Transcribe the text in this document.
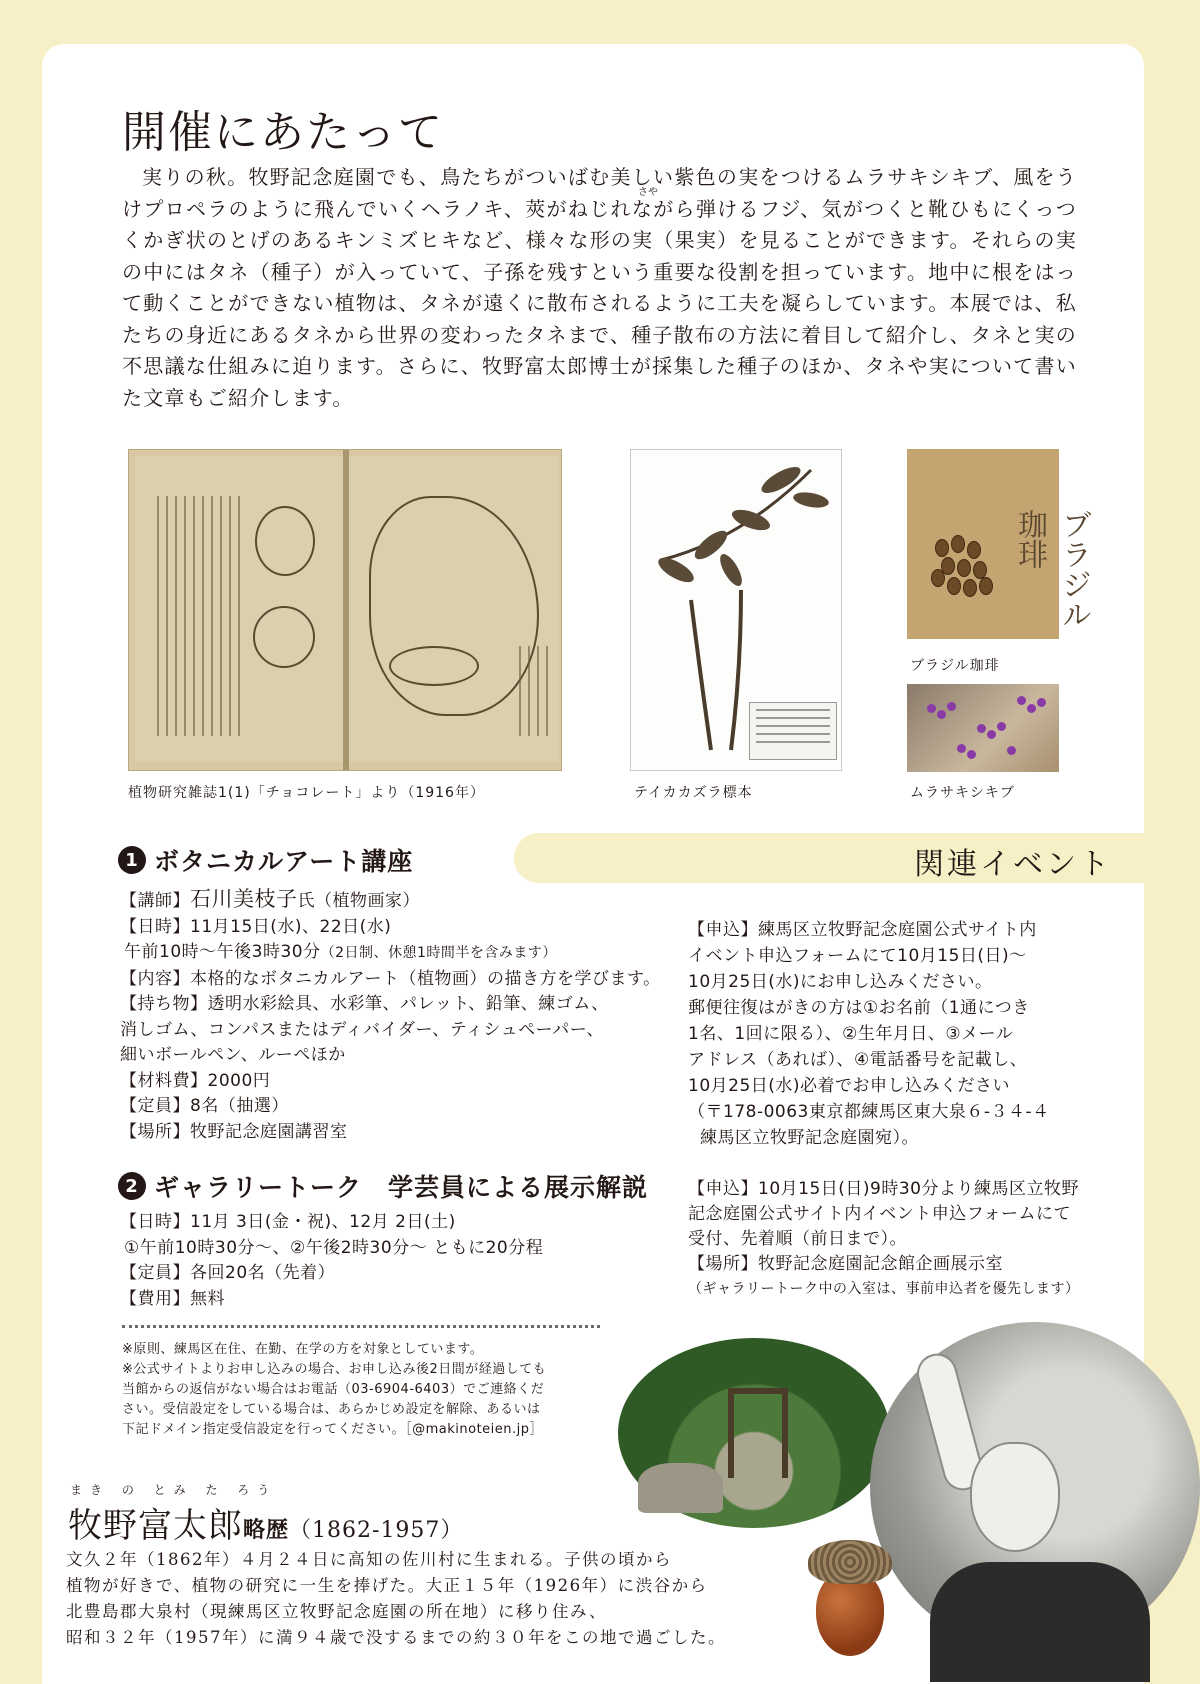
開催にあたって

実りの秋。牧野記念庭園でも、鳥たちがついばむ美しい紫色の実をつけるムラサキシキブ、風をうけプロペラのように飛んでいくヘラノキ、莢がねじれながら弾けるフジ、気がつくと靴ひもにくっつくかぎ状のとげのあるキンミズヒキなど、様々な形の実（果実）を見ることができます。それらの実の中にはタネ（種子）が入っていて、子孫を残すという重要な役割を担っています。地中に根をはって動くことができない植物は、タネが遠くに散布されるように工夫を凝らしています。本展では、私たちの身近にあるタネから世界の変わったタネまで、種子散布の方法に着目して紹介し、タネと実の不思議な仕組みに迫ります。さらに、牧野富太郎博士が採集した種子のほか、タネや実について書いた文章もご紹介します。

さや
植物研究雑誌1(1)「チョコレート」より（1916年）	テイカカズラ標本
ブラジル珈琲
ブラジル珈琲
ムラサキシキブ
関連イベント
1 ボタニカルアート講座
【講師】石川美枝子氏（植物画家）
【日時】11月15日(水)、22日(水)
午前10時～午後3時30分（2日制、休憩1時間半を含みます）
【内容】本格的なボタニカルアート（植物画）の描き方を学びます。
【持ち物】透明水彩絵具、水彩筆、パレット、鉛筆、練ゴム、
消しゴム、コンパスまたはディバイダー、ティシュペーパー、
細いボールペン、ルーペほか
【材料費】2000円
【定員】8名（抽選）
【場所】牧野記念庭園講習室
【申込】練馬区立牧野記念庭園公式サイト内
イベント申込フォームにて10月15日(日)～
10月25日(水)にお申し込みください。
郵便往復はがきの方は①お名前（1通につき
1名、1回に限る）、②生年月日、③メール
アドレス（あれば）、④電話番号を記載し、
10月25日(水)必着でお申し込みください
（〒178-0063東京都練馬区東大泉６-３４-４
練馬区立牧野記念庭園宛）。
2 ギャラリートーク　学芸員による展示解説
【日時】11月 3日(金・祝)、12月 2日(土)
①午前10時30分～、②午後2時30分～ ともに20分程
【定員】各回20名（先着）
【費用】無料
【申込】10月15日(日)9時30分より練馬区立牧野
記念庭園公式サイト内イベント申込フォームにて
受付、先着順（前日まで）。
【場所】牧野記念庭園記念館企画展示室
（ギャラリートーク中の入室は、事前申込者を優先します）
※原則、練馬区在住、在勤、在学の方を対象としています。
※公式サイトよりお申し込みの場合、お申し込み後2日間が経過しても
当館からの返信がない場合はお電話（03-6904-6403）でご連絡くだ
さい。受信設定をしている場合は、あらかじめ設定を解除、あるいは
下記ドメイン指定受信設定を行ってください。［@makinoteien.jp］
まき の とみ た ろう
牧野富太郎略歴（1862-1957）
文久２年（1862年）４月２４日に高知の佐川村に生まれる。子供の頃から
植物が好きで、植物の研究に一生を捧げた。大正１５年（1926年）に渋谷から
北豊島郡大泉村（現練馬区立牧野記念庭園の所在地）に移り住み、
昭和３２年（1957年）に満９４歳で没するまでの約３０年をこの地で過ごした。
